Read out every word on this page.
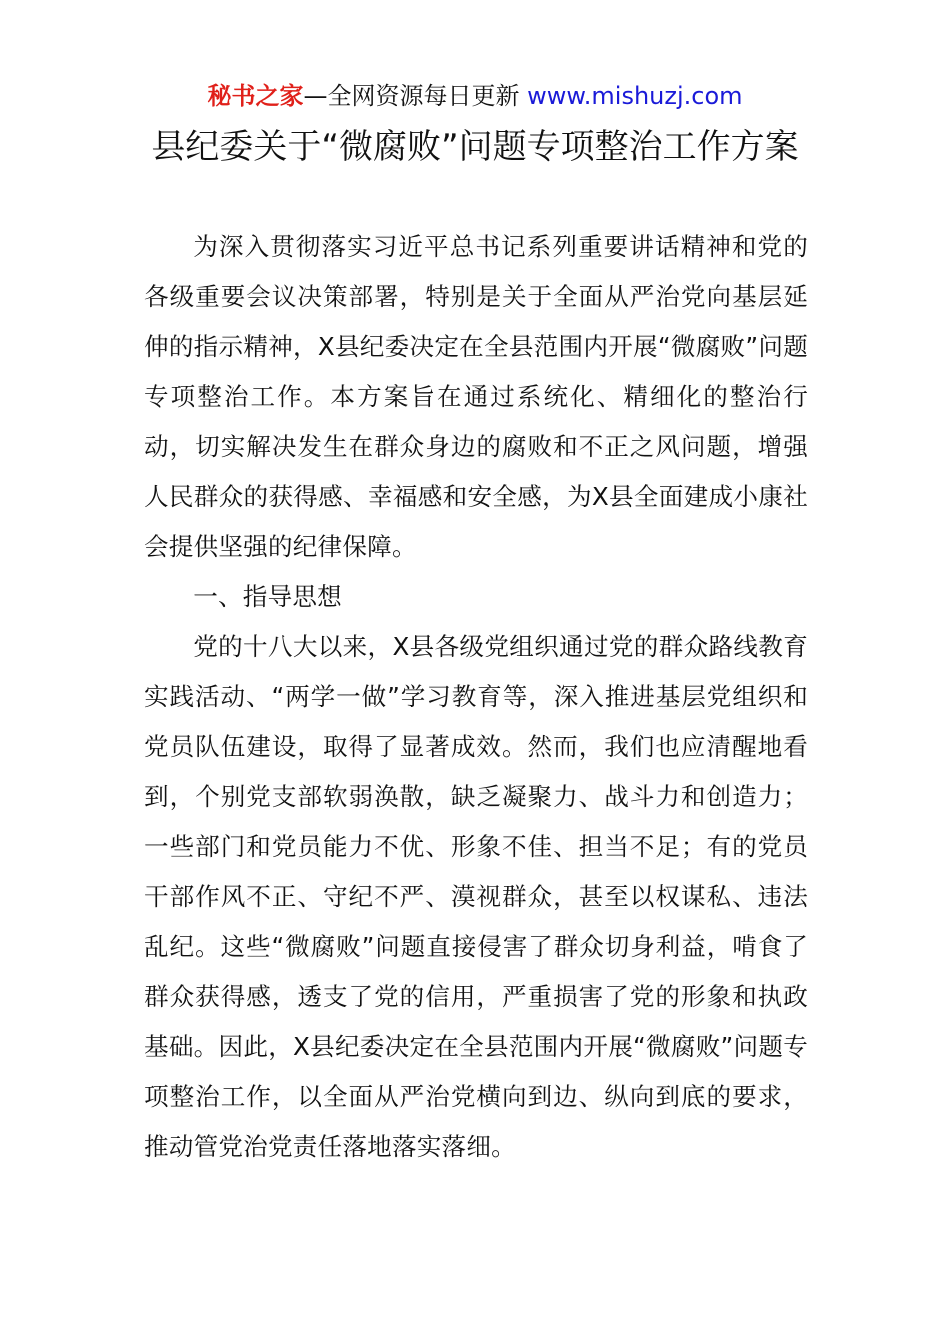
秘书之家—全网资源每日更新 www.mishuzj.com
县纪委关于“微腐败”问题专项整治工作方案

为深入贯彻落实习近平总书记系列重要讲话精神和党的各级重要会议决策部署，特别是关于全面从严治党向基层延伸的指示精神，X县纪委决定在全县范围内开展“微腐败”问题专项整治工作。本方案旨在通过系统化、精细化的整治行动，切实解决发生在群众身边的腐败和不正之风问题，增强人民群众的获得感、幸福感和安全感，为X县全面建成小康社会提供坚强的纪律保障。

一、指导思想

党的十八大以来，X县各级党组织通过党的群众路线教育实践活动、“两学一做”学习教育等，深入推进基层党组织和党员队伍建设，取得了显著成效。然而，我们也应清醒地看到，个别党支部软弱涣散，缺乏凝聚力、战斗力和创造力；一些部门和党员能力不优、形象不佳、担当不足；有的党员干部作风不正、守纪不严、漠视群众，甚至以权谋私、违法乱纪。这些“微腐败”问题直接侵害了群众切身利益，啃食了群众获得感，透支了党的信用，严重损害了党的形象和执政基础。因此，X县纪委决定在全县范围内开展“微腐败”问题专项整治工作，以全面从严治党横向到边、纵向到底的要求，推动管党治党责任落地落实落细。
